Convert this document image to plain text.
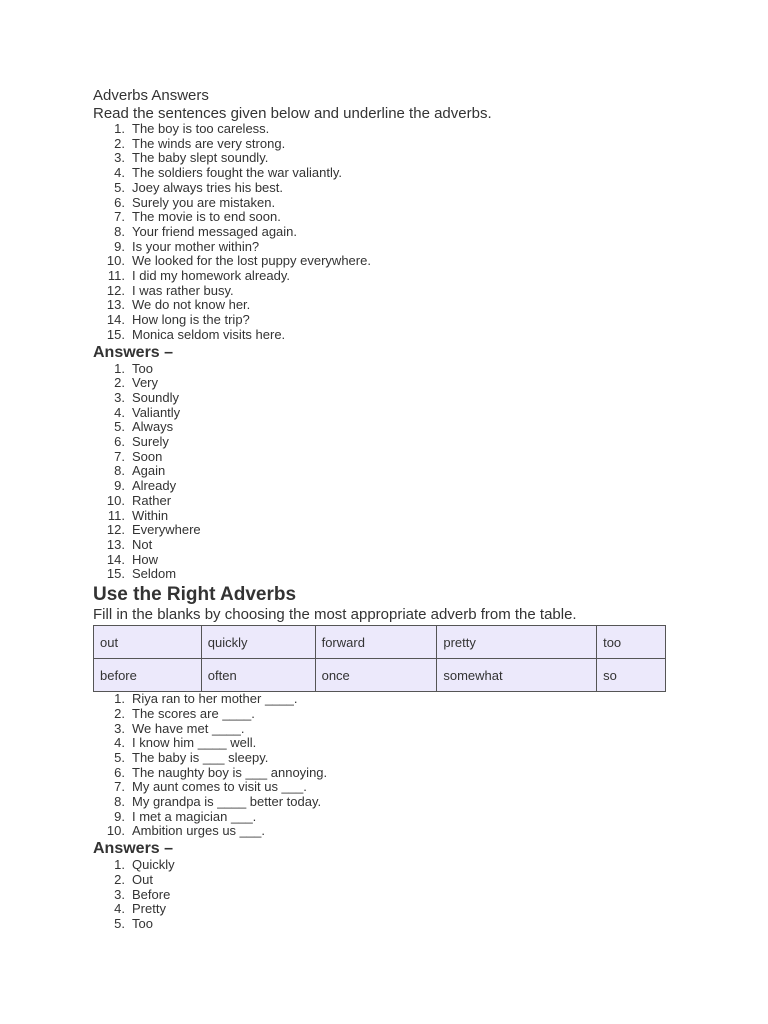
Adverbs Answers

Read the sentences given below and underline the adverbs.

1. The boy is too careless.
2. The winds are very strong.
3. The baby slept soundly.
4. The soldiers fought the war valiantly.
5. Joey always tries his best.
6. Surely you are mistaken.
7. The movie is to end soon.
8. Your friend messaged again.
9. Is your mother within?
10. We looked for the lost puppy everywhere.
11. I did my homework already.
12. I was rather busy.
13. We do not know her.
14. How long is the trip?
15. Monica seldom visits here.
Answers –
1. Too
2. Very
3. Soundly
4. Valiantly
5. Always
6. Surely
7. Soon
8. Again
9. Already
10. Rather
11. Within
12. Everywhere
13. Not
14. How
15. Seldom
Use the Right Adverbs

Fill in the blanks by choosing the most appropriate adverb from the table.

out	quickly	forward	pretty	too
before	often	once	somewhat	so
1. Riya ran to her mother ____.
2. The scores are ____.
3. We have met ____.
4. I know him ____ well.
5. The baby is ___ sleepy.
6. The naughty boy is ___ annoying.
7. My aunt comes to visit us ___.
8. My grandpa is ____ better today.
9. I met a magician ___.
10. Ambition urges us ___.
Answers –
1. Quickly
2. Out
3. Before
4. Pretty
5. Too
